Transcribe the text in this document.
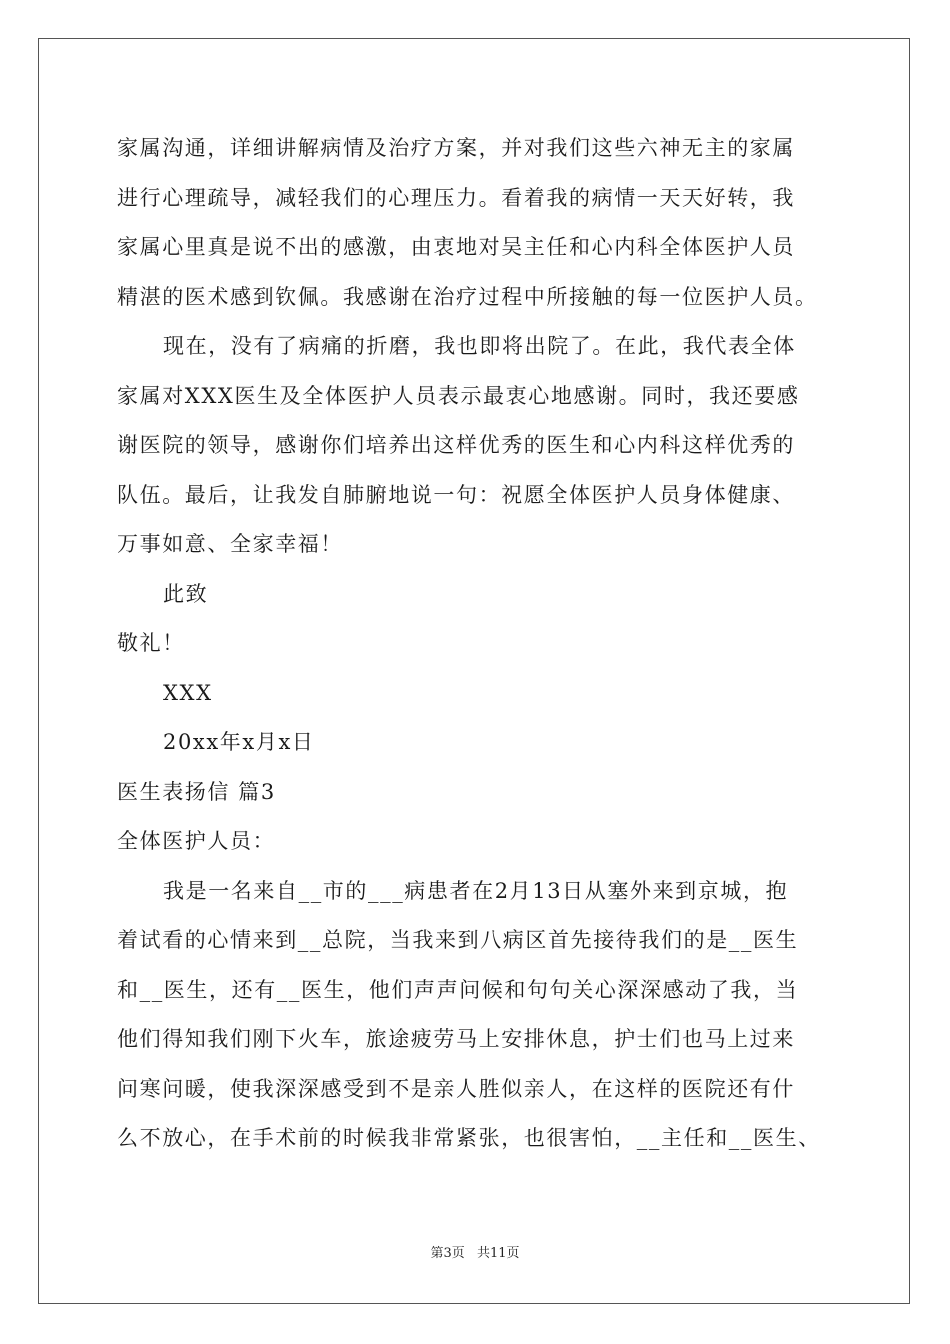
家属沟通，详细讲解病情及治疗方案，并对我们这些六神无主的家属
进行心理疏导，减轻我们的心理压力。看着我的病情一天天好转，我
家属心里真是说不出的感激，由衷地对吴主任和心内科全体医护人员
精湛的医术感到钦佩。我感谢在治疗过程中所接触的每一位医护人员。
现在，没有了病痛的折磨，我也即将出院了。在此，我代表全体
家属对XXX医生及全体医护人员表示最衷心地感谢。同时，我还要感
谢医院的领导，感谢你们培养出这样优秀的医生和心内科这样优秀的
队伍。最后，让我发自肺腑地说一句：祝愿全体医护人员身体健康、
万事如意、全家幸福！
此致
敬礼！
XXX
20xx年x月x日
医生表扬信 篇3
全体医护人员：
我是一名来自__市的___病患者在2月13日从塞外来到京城，抱
着试看的心情来到__总院，当我来到八病区首先接待我们的是__医生
和__医生，还有__医生，他们声声问候和句句关心深深感动了我，当
他们得知我们刚下火车，旅途疲劳马上安排休息，护士们也马上过来
问寒问暖，使我深深感受到不是亲人胜似亲人，在这样的医院还有什
么不放心，在手术前的时候我非常紧张，也很害怕，__主任和__医生、
第3页 共11页
